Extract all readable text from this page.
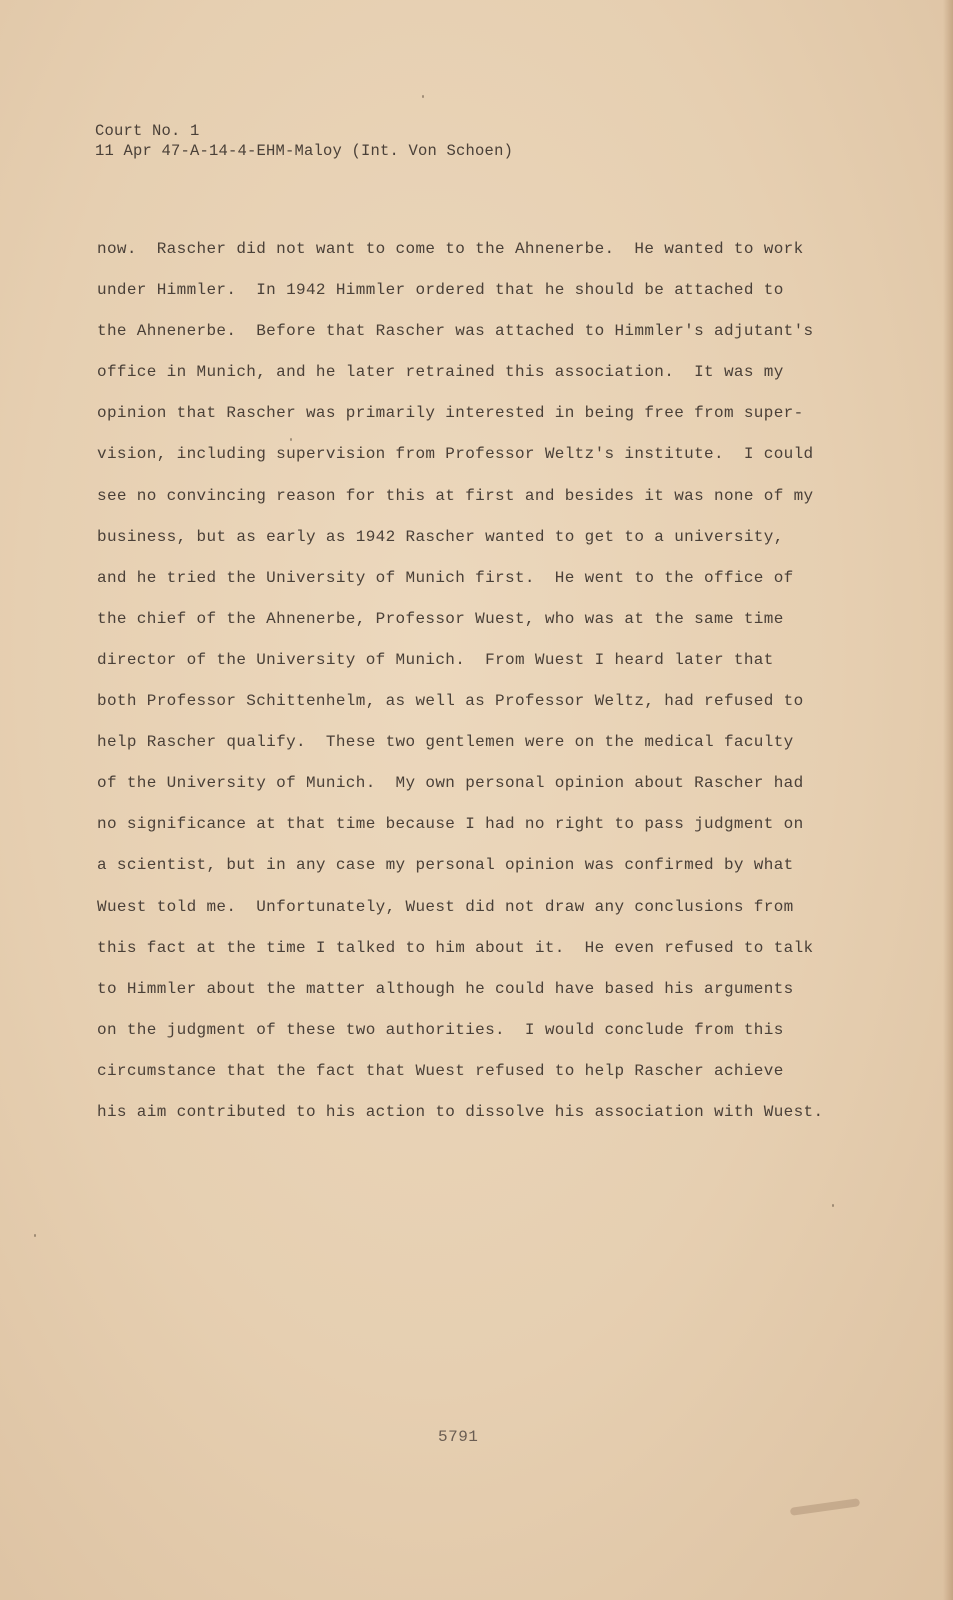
Court No. 1
11 Apr 47-A-14-4-EHM-Maloy (Int. Von Schoen)
now.  Rascher did not want to come to the Ahnenerbe.  He wanted to work
under Himmler.  In 1942 Himmler ordered that he should be attached to
the Ahnenerbe.  Before that Rascher was attached to Himmler's adjutant's
office in Munich, and he later retrained this association.  It was my
opinion that Rascher was primarily interested in being free from super-
vision, including supervision from Professor Weltz's institute.  I could
see no convincing reason for this at first and besides it was none of my
business, but as early as 1942 Rascher wanted to get to a university,
and he tried the University of Munich first.  He went to the office of
the chief of the Ahnenerbe, Professor Wuest, who was at the same time
director of the University of Munich.  From Wuest I heard later that
both Professor Schittenhelm, as well as Professor Weltz, had refused to
help Rascher qualify.  These two gentlemen were on the medical faculty
of the University of Munich.  My own personal opinion about Rascher had
no significance at that time because I had no right to pass judgment on
a scientist, but in any case my personal opinion was confirmed by what
Wuest told me.  Unfortunately, Wuest did not draw any conclusions from
this fact at the time I talked to him about it.  He even refused to talk
to Himmler about the matter although he could have based his arguments
on the judgment of these two authorities.  I would conclude from this
circumstance that the fact that Wuest refused to help Rascher achieve
his aim contributed to his action to dissolve his association with Wuest.
5791
